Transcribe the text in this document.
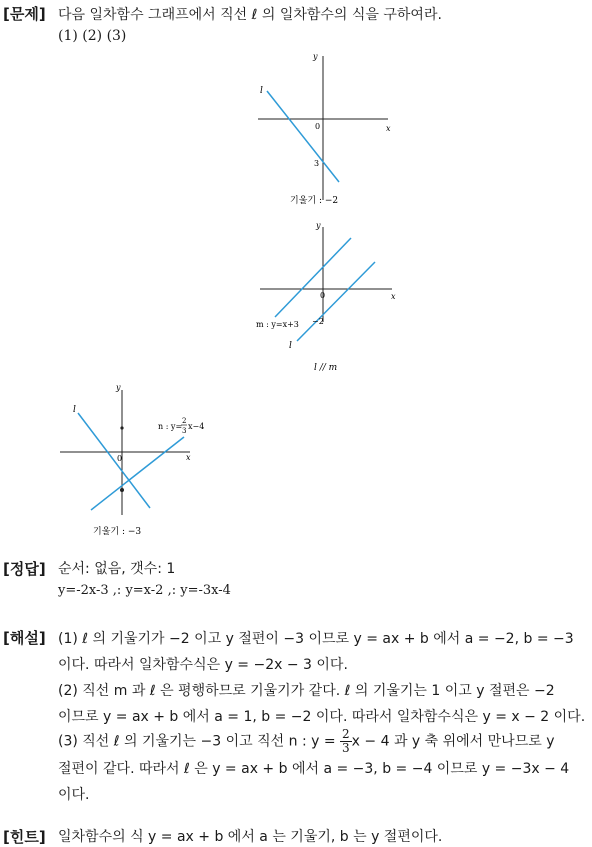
[문제] 다음 일차함수 그래프에서 직선 ℓ 의 일차함수의 식을 구하여라.
(1) (2) (3)
y
x
0
l
3
기울기 : −2
y
x
0
m : y=x+3 −2
l
l // m
y
x
0
l
n : y=
2
3 x−4
기울기 : −3
[정답] 순서: 없음, 갯수: 1
y=-2x-3 ,: y=x-2 ,: y=-3x-4
[해설] (1) ℓ 의 기울기가 −2 이고 y 절편이 −3 이므로 y = ax + b 에서 a = −2, b = −3
이다. 따라서 일차함수식은 y = −2x − 3 이다.
(2) 직선 m 과 ℓ 은 평행하므로 기울기가 같다. ℓ 의 기울기는 1 이고 y 절편은 −2
이므로 y = ax + b 에서 a = 1, b = −2 이다. 따라서 일차함수식은 y = x − 2 이다.
(3) 직선 ℓ 의 기울기는 −3 이고 직선 n : $y = \frac{2}{3}$ x − 4 과 y 축 위에서 만나므로 y
절편이 같다. 따라서 ℓ 은 y = ax + b 에서 a = −3, b = −4 이므로 y = −3x − 4
이다.
[힌트] 일차함수의 식 y = ax + b 에서 a 는 기울기, b 는 y 절편이다.
